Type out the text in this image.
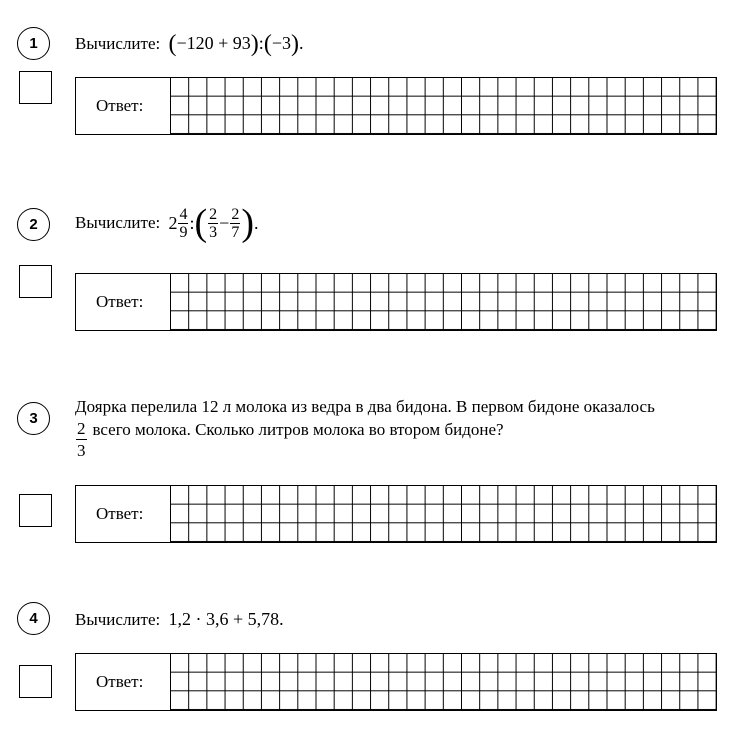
1	Вычислите: (−120 + 93):(−3).
Ответ:
2	Вычислите: $2 \frac{4}{9}$ :( $\frac{2}{3} - \frac{2}{7}$ ).
Ответ:
3
Доярка перелила 12 л молока из ведра в два бидона. В первом бидоне оказалось
$\frac{2}{3}$ всего молока. Сколько литров молока во втором бидоне?
Ответ:
4	Вычислите: 1,2 · 3,6 + 5,78.
Ответ:
